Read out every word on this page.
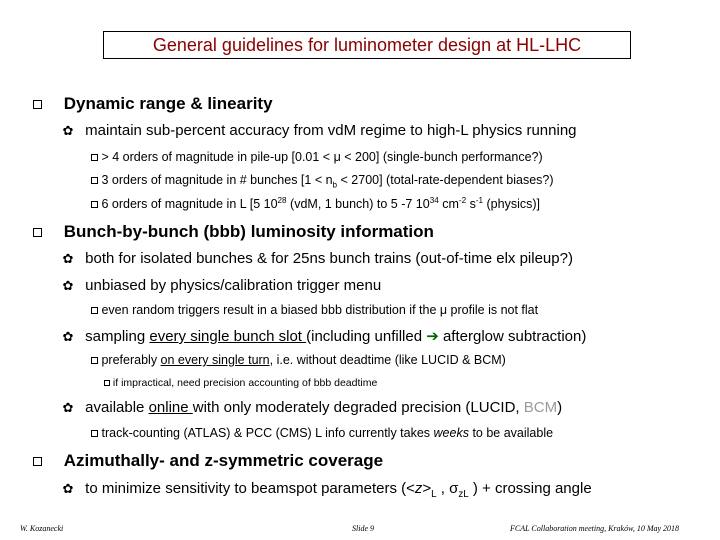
General guidelines for luminometer design at HL-LHC
Dynamic range & linearity
✿ maintain sub-percent accuracy from vdM regime to high-L physics running
> 4 orders of magnitude in pile-up [0.01 < μ < 200] (single-bunch performance?)
3 orders of magnitude in # bunches $[1 < n_b < 2700]$ (total-rate-dependent biases?)
6 orders of magnitude in L [5 $10^{28}$ (vdM, 1 bunch) to 5 -7 $10^{34}$ $cm^{-2}$ $s^{-1}$ (physics)]
Bunch-by-bunch (bbb) luminosity information
✿ both for isolated bunches & for 25ns bunch trains (out-of-time elx pileup?)
✿ unbiased by physics/calibration trigger menu
even random triggers result in a biased bbb distribution if the μ profile is not flat
✿ sampling every single bunch slot (including unfilled ➔ afterglow subtraction)
preferably on every single turn, i.e. without deadtime (like LUCID & BCM)
if impractical, need precision accounting of bbb deadtime
✿ available online with only moderately degraded precision (LUCID, BCM)
track-counting (ATLAS) & PCC (CMS) L info currently takes weeks to be available
Azimuthally- and z-symmetric coverage
✿ to minimize sensitivity to beamspot parameters ($<z>_L$ , $\sigma_{zL}$ ) + crossing angle
W. Kozanecki	Slide 9	FCAL Collaboration meeting, Kraków, 10 May 2018
